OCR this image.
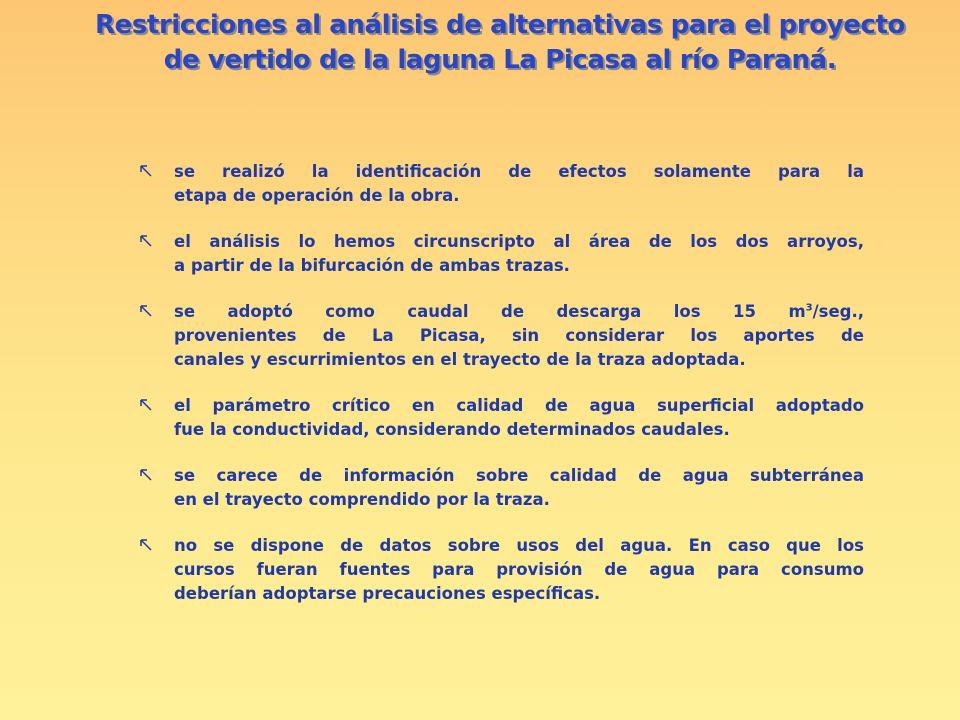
Restricciones al análisis de alternativas para el proyecto
de vertido de la laguna La Picasa al río Paraná.
se realizó la identificación de efectos solamente para la
etapa de operación de la obra.
el análisis lo hemos circunscripto al área de los dos arroyos,
a partir de la bifurcación de ambas trazas.
se adoptó como caudal de descarga los 15 $m^3$/seg.,
provenientes de La Picasa, sin considerar los aportes de
canales y escurrimientos en el trayecto de la traza adoptada.
el parámetro crítico en calidad de agua superficial adoptado
fue la conductividad, considerando determinados caudales.
se carece de información sobre calidad de agua subterránea
en el trayecto comprendido por la traza.
no se dispone de datos sobre usos del agua. En caso que los
cursos fueran fuentes para provisión de agua para consumo
deberían adoptarse precauciones específicas.
